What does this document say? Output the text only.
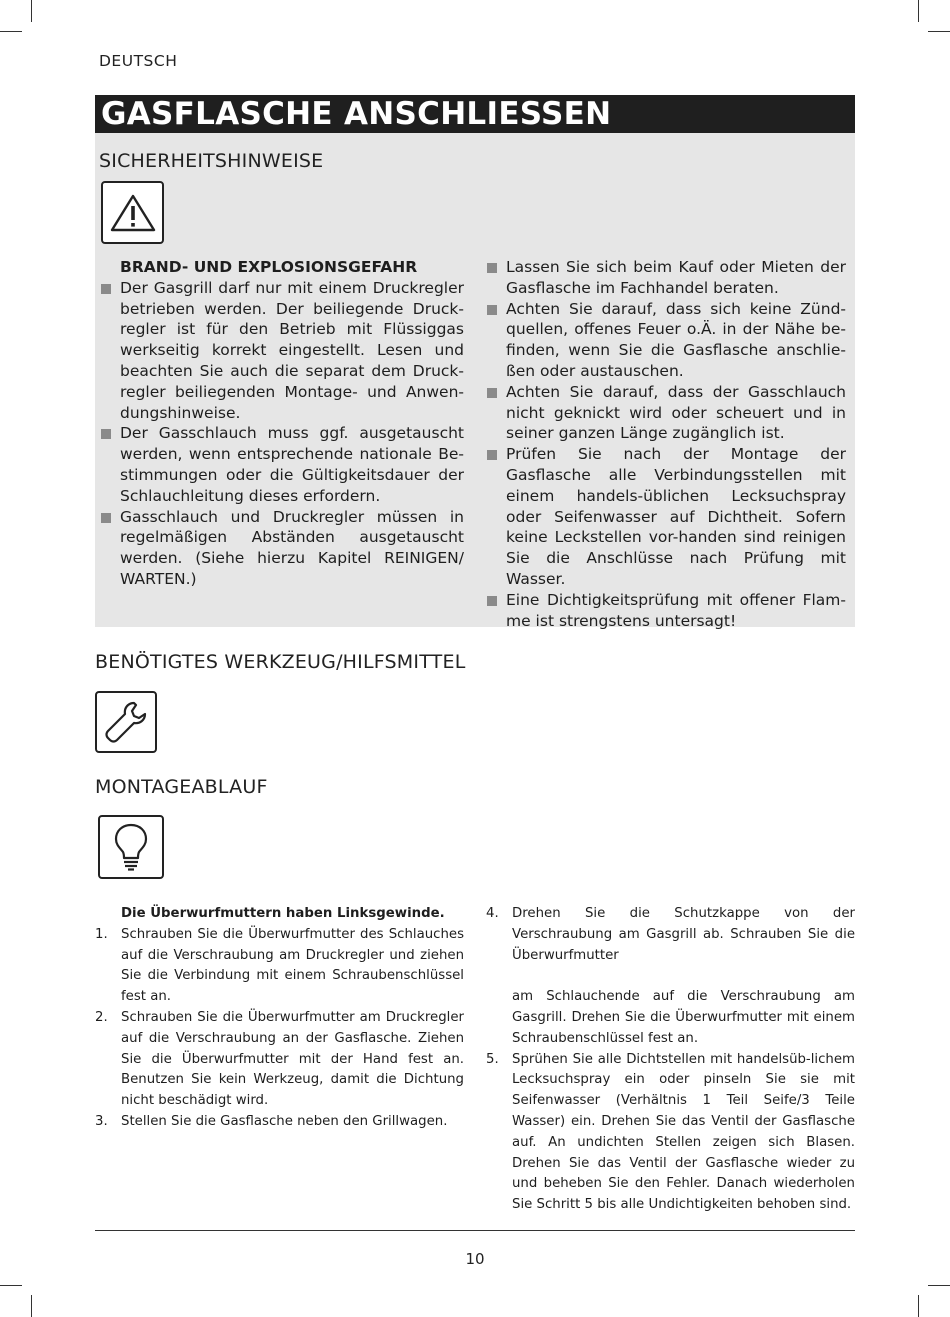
DEUTSCH
GASFLASCHE ANSCHLIESSEN
SICHERHEITSHINWEISE
BRAND- UND EXPLOSIONSGEFAHR
Der Gasgrill darf nur mit einem Druckregler betrieben werden. Der beiliegende Druck-regler ist für den Betrieb mit Flüssiggas werkseitig korrekt eingestellt. Lesen und beachten Sie auch die separat dem Druck-regler beiliegenden Montage- und Anwen-dungshinweise.
Der Gasschlauch muss ggf. ausgetauscht werden, wenn entsprechende nationale Be-stimmungen oder die Gültigkeitsdauer der Schlauchleitung dieses erfordern.
Gasschlauch und Druckregler müssen in regelmäßigen Abständen ausgetauscht werden. (Siehe hierzu Kapitel REINIGEN/ WARTEN.)
Lassen Sie sich beim Kauf oder Mieten der Gasflasche im Fachhandel beraten.
Achten Sie darauf, dass sich keine Zünd-quellen, offenes Feuer o.Ä. in der Nähe be-finden, wenn Sie die Gasflasche anschlie-ßen oder austauschen.
Achten Sie darauf, dass der Gasschlauch nicht geknickt wird oder scheuert und in seiner ganzen Länge zugänglich ist.
Prüfen Sie nach der Montage der Gasflasche alle Verbindungsstellen mit einem handels-üblichen Lecksuchspray oder Seifenwasser auf Dichtheit. Sofern keine Leckstellen vor-handen sind reinigen Sie die Anschlüsse nach Prüfung mit Wasser.
Eine Dichtigkeitsprüfung mit offener Flam-me ist strengstens untersagt!
BENÖTIGTES WERKZEUG/HILFSMITTEL
MONTAGEABLAUF
Die Überwurfmuttern haben Linksgewinde.
1. Schrauben Sie die Überwurfmutter des Schlauches auf die Verschraubung am Druckregler und ziehen Sie die Verbindung mit einem Schraubenschlüssel fest an.
2. Schrauben Sie die Überwurfmutter am Druckregler auf die Verschraubung an der Gasflasche. Ziehen Sie die Überwurfmutter mit der Hand fest an. Benutzen Sie kein Werkzeug, damit die Dichtung nicht beschädigt wird.
3. Stellen Sie die Gasflasche neben den Grillwagen.
4. Drehen Sie die Schutzkappe von der Verschraubung am Gasgrill ab. Schrauben Sie die Überwurfmutter
am Schlauchende auf die Verschraubung am Gasgrill. Drehen Sie die Überwurfmutter mit einem Schraubenschlüssel fest an.
5. Sprühen Sie alle Dichtstellen mit handelsüb-lichem Lecksuchspray ein oder pinseln Sie sie mit Seifenwasser (Verhältnis 1 Teil Seife/3 Teile Wasser) ein. Drehen Sie das Ventil der Gasflasche auf. An undichten Stellen zeigen sich Blasen. Drehen Sie das Ventil der Gasflasche wieder zu und beheben Sie den Fehler. Danach wiederholen Sie Schritt 5 bis alle Undichtigkeiten behoben sind.
10
